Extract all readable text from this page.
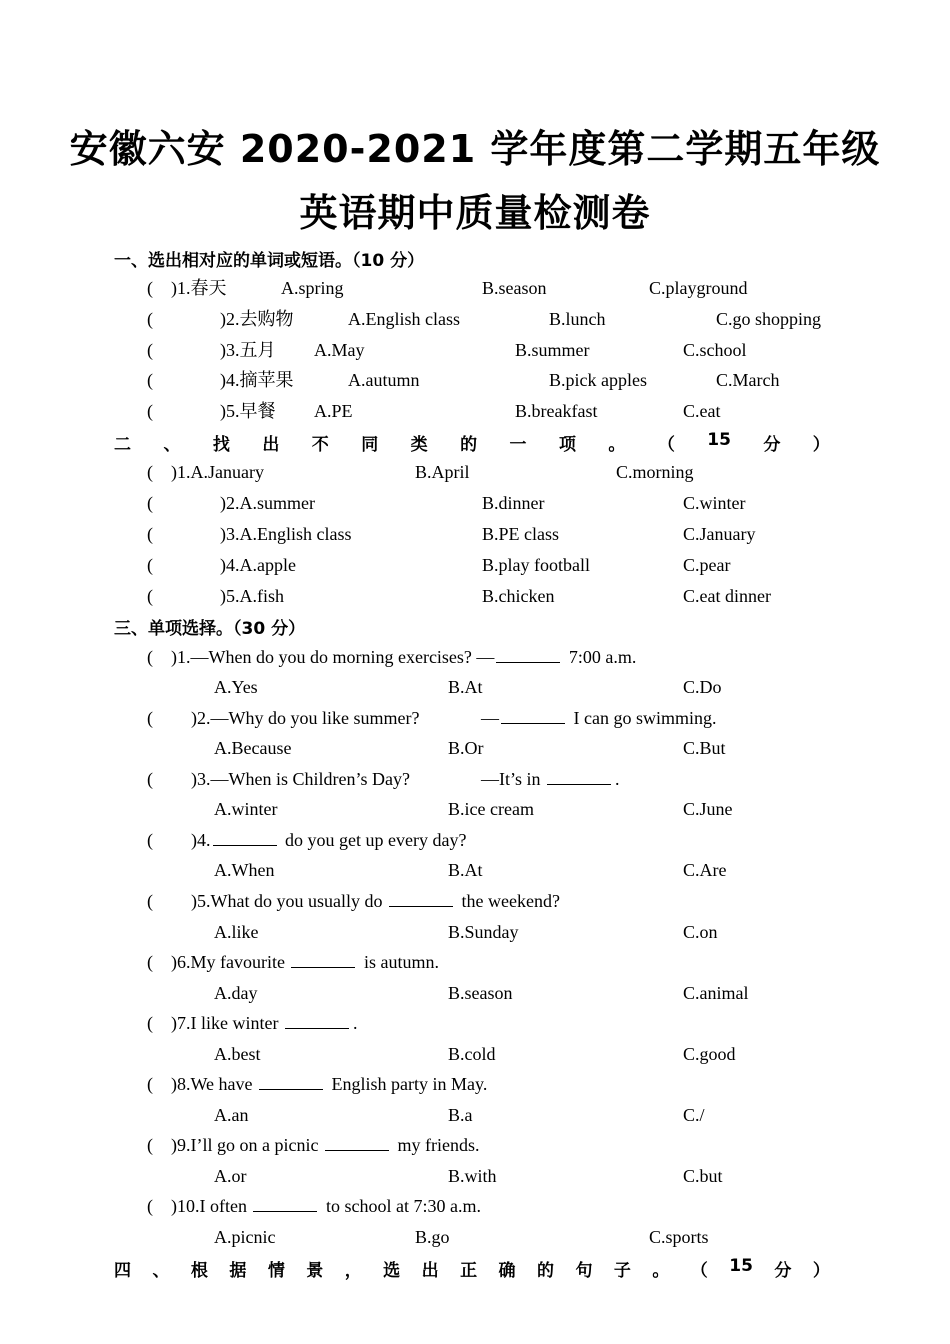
安徽六安 2020-2021 学年度第二学期五年级
英语期中质量检测卷
一、选出相对应的单词或短语。（10 分）
( )1.春天	A.spring	B.season	C.playground
(	)2.去购物	A.English class	B.lunch	C.go shopping
(	)3.五月 A.May	B.summer	C.school
(	)4.摘苹果	A.autumn	B.pick apples	C.March
(	)5.早餐 A.PE	B.breakfast	C.eat
二 、 找 出 不 同 类 的 一 项 。 （ 15 分 ）
( )1.A.January	B.April	C.morning
(	)2.A.summer	B.dinner	C.winter
(	)3.A.English class	B.PE class	C.January
(	)4.A.apple	B.play football	C.pear
(	)5.A.fish	B.chicken	C.eat dinner
三、单项选择。（30 分）
( )1.—When do you do morning exercises? —	7:00 a.m.
A.Yes	B.At	C.Do
( )2.—Why do you like summer?	—	I can go swimming.
A.Because	B.Or	C.But
( )3.—When is Children’s Day?	—It’s in	.
A.winter	B.ice cream	C.June
( )4.	do you get up every day?
A.When	B.At	C.Are
( )5.What do you usually do	the weekend?
A.like	B.Sunday	C.on
( )6.My favourite	is autumn.
A.day	B.season	C.animal
( )7.I like winter	.
A.best	B.cold	C.good
( )8.We have	English party in May.
A.an	B.a	C./
( )9.I’ll go on a picnic	my friends.
A.or	B.with	C.but
( )10.I often	to school at 7:30 a.m.
A.picnic	B.go	C.sports
四 、 根 据 情 景 ， 选 出 正 确 的 句 子 。 （ 15 分 ）
